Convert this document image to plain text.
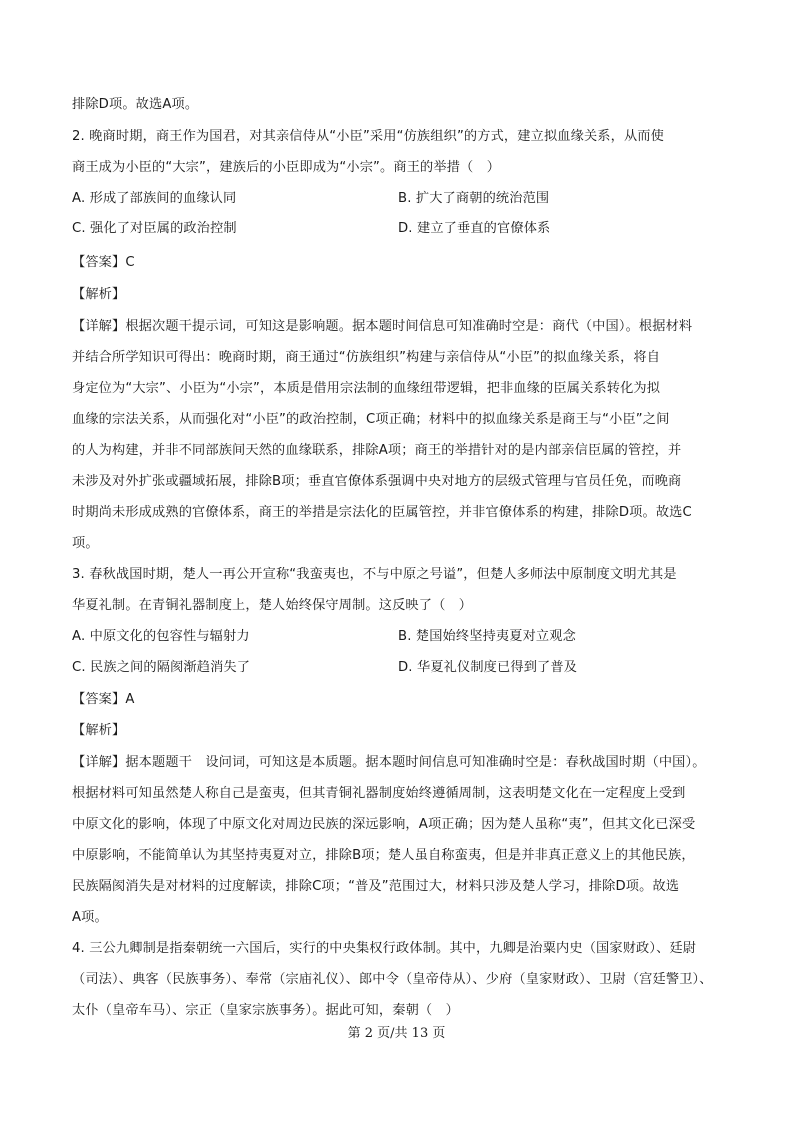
排除D项。故选A项。
2. 晚商时期，商王作为国君，对其亲信侍从“小臣”采用“仿族组织”的方式，建立拟血缘关系，从而使
商王成为小臣的“大宗”，建族后的小臣即成为“小宗”。商王的举措（　）
A. 形成了部族间的血缘认同	B. 扩大了商朝的统治范围
C. 强化了对臣属的政治控制	D. 建立了垂直的官僚体系
【答案】C
【解析】
【详解】根据次题干提示词，可知这是影响题。据本题时间信息可知准确时空是：商代（中国）。根据材料
并结合所学知识可得出：晚商时期，商王通过“仿族组织”构建与亲信侍从“小臣”的拟血缘关系，将自
身定位为“大宗”、小臣为“小宗”，本质是借用宗法制的血缘纽带逻辑，把非血缘的臣属关系转化为拟
血缘的宗法关系，从而强化对“小臣”的政治控制，C项正确；材料中的拟血缘关系是商王与“小臣”之间
的人为构建，并非不同部族间天然的血缘联系，排除A项；商王的举措针对的是内部亲信臣属的管控，并
未涉及对外扩张或疆域拓展，排除B项；垂直官僚体系强调中央对地方的层级式管理与官员任免，而晚商
时期尚未形成成熟的官僚体系，商王的举措是宗法化的臣属管控，并非官僚体系的构建，排除D项。故选C
项。
3. 春秋战国时期，楚人一再公开宣称“我蛮夷也，不与中原之号谥”，但楚人多师法中原制度文明尤其是
华夏礼制。在青铜礼器制度上，楚人始终保守周制。这反映了（　）
A. 中原文化的包容性与辐射力	B. 楚国始终坚持夷夏对立观念
C. 民族之间的隔阂渐趋消失了	D. 华夏礼仪制度已得到了普及
【答案】A
【解析】
【详解】据本题题干　设问词，可知这是本质题。据本题时间信息可知准确时空是：春秋战国时期（中国）。
根据材料可知虽然楚人称自己是蛮夷，但其青铜礼器制度始终遵循周制，这表明楚文化在一定程度上受到
中原文化的影响，体现了中原文化对周边民族的深远影响，A项正确；因为楚人虽称“夷”，但其文化已深受
中原影响，不能简单认为其坚持夷夏对立，排除B项；楚人虽自称蛮夷，但是并非真正意义上的其他民族，
民族隔阂消失是对材料的过度解读，排除C项；“普及”范围过大，材料只涉及楚人学习，排除D项。故选
A项。
4. 三公九卿制是指秦朝统一六国后，实行的中央集权行政体制。其中，九卿是治粟内史（国家财政）、廷尉
（司法）、典客（民族事务）、奉常（宗庙礼仪）、郎中令（皇帝侍从）、少府（皇家财政）、卫尉（宫廷警卫）、
太仆（皇帝车马）、宗正（皇家宗族事务）。据此可知，秦朝（　）
第 2 页/共 13 页
